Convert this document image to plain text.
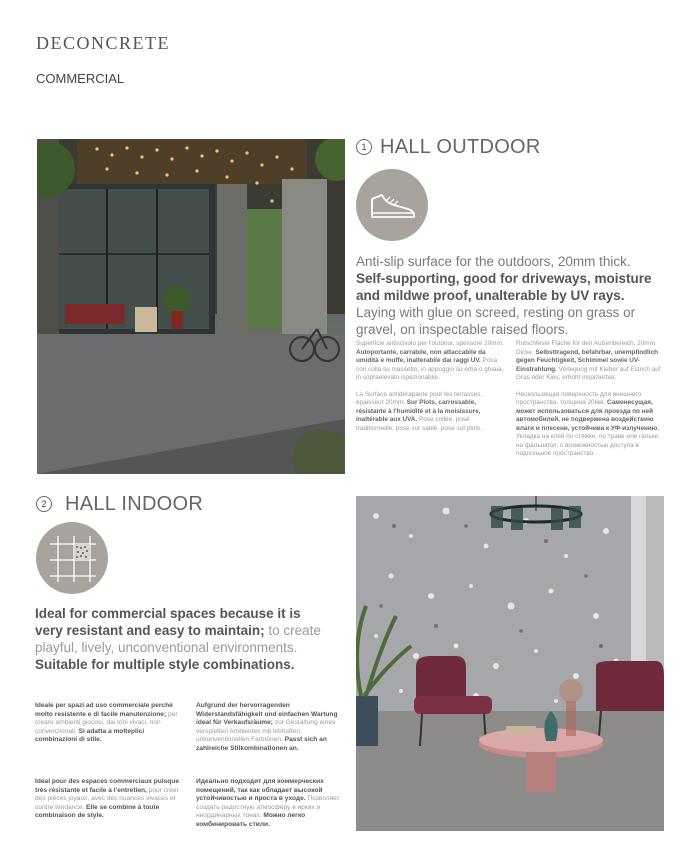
DECONCRETE
COMMERCIAL
1 HALL OUTDOOR
Anti-slip surface for the outdoors, 20mm thick. Self-supporting, good for driveways, moisture and mildwe proof, unalterable by UV rays. Laying with glue on screed, resting on grass or gravel, on inspectable raised floors.

Superficie antiscivolo per l'outdoor, spessore 20mm. Autoportante, carrabile, non attaccabile da umidità e muffe, inalterabile dai raggi UV. Posa con colla su massetto, in appoggio su erba o ghiaia, in sopraelevato ispezionabile.

La Surface antidérapante pour les terrasses, épaisseur 20mm. Sur Plots, carrossable, résistante à l'humidité et à la moisissure, inaltérable aux UVA. Pose collée, posé traditionnelle, pose sur sable, pose sut plots.

Rutschfeste Fläche für den Außenbereich, 20mm Dicke. Selbsttragend, befahrbar, unempfindlich gegen Feuchtigkeit, Schimmel sowie UV-Einstrahlung. Verlegung mit Kleber auf Estrich auf Gras oder Kies, erhöht inspizierbar.

Нескользящая поверхность для внешнего пространства, толщина 20мм. Самонесущая, может использоваться для проезда по ней автомобилей, не подвержена воздействию влаги и плесени, устойчива к УФ-излучению. Укладка на клей по стяжке, по траве или гальке, на фальшпол, с возможностью доступа в подпольное пространство.

2 HALL INDOOR
Ideal for commercial spaces because it is very resistant and easy to maintain; to create playful, lively, unconventional environments. Suitable for multiple style combinations.
Ideale per spazi ad uso commerciale perché molto resistente e di facile manutenzione; per creare ambienti giocosi, dai toni vivaci, non convenzionali. Si adatta a molteplici combinazioni di stile.
Aufgrund der hervorragenden Widerstandsfähigkeit und einfachen Wartung ideal für Verkaufsräume; zur Gestaltung eines verspielten Ambientes mit lebhaften, unkonventionellen Farbtönen. Passt sich an zahlreiche Stilkombinationen an.
Idéal pour des espaces commerciaux puisque très résistante et facile à l'entretien, pour créer des pièces joyaux, avec des nuances vivaces et contre tendance. Elle se combine à toute combinaison de style.
Идеально подходит для коммерческих помещений, так как обладает высокой устойчивостью и проста в уходе. Позволяет создать радостную атмосферу в ярких и неординарных тонах. Можно легко комбинировать стили.
